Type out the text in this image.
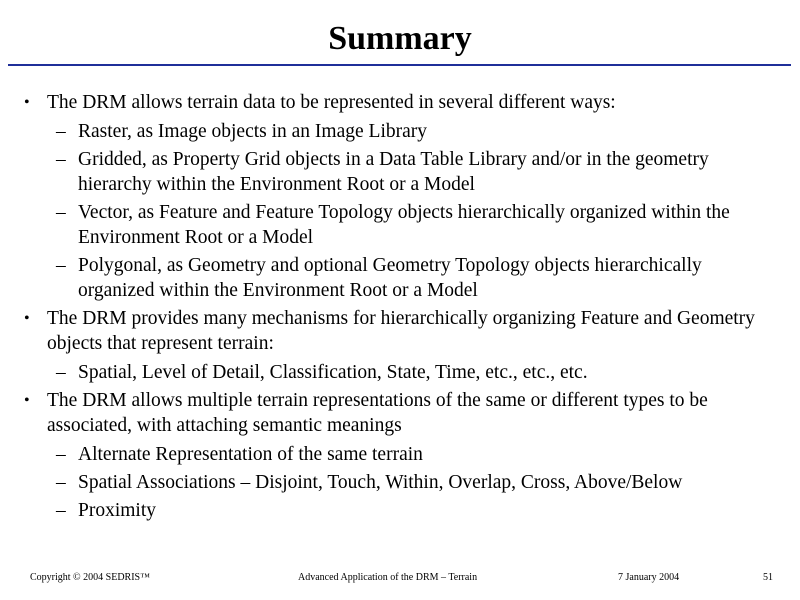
Summary
• The DRM allows terrain data to be represented in several different ways:
– Raster, as Image objects in an Image Library
– Gridded, as Property Grid objects in a Data Table Library and/or in the geometry hierarchy within the Environment Root or a Model
– Vector, as Feature and Feature Topology objects hierarchically organized within the Environment Root or a Model
– Polygonal, as Geometry and optional Geometry Topology objects hierarchically organized within the Environment Root or a Model
• The DRM provides many mechanisms for hierarchically organizing Feature and Geometry objects that represent terrain:
– Spatial, Level of Detail, Classification, State, Time, etc., etc., etc.
• The DRM allows multiple terrain representations of the same or different types to be associated, with attaching semantic meanings
– Alternate Representation of the same terrain
– Spatial Associations – Disjoint, Touch, Within, Overlap, Cross, Above/Below
– Proximity
Copyright © 2004 SEDRIS™	Advanced Application of the DRM – Terrain	7 January 2004	51
